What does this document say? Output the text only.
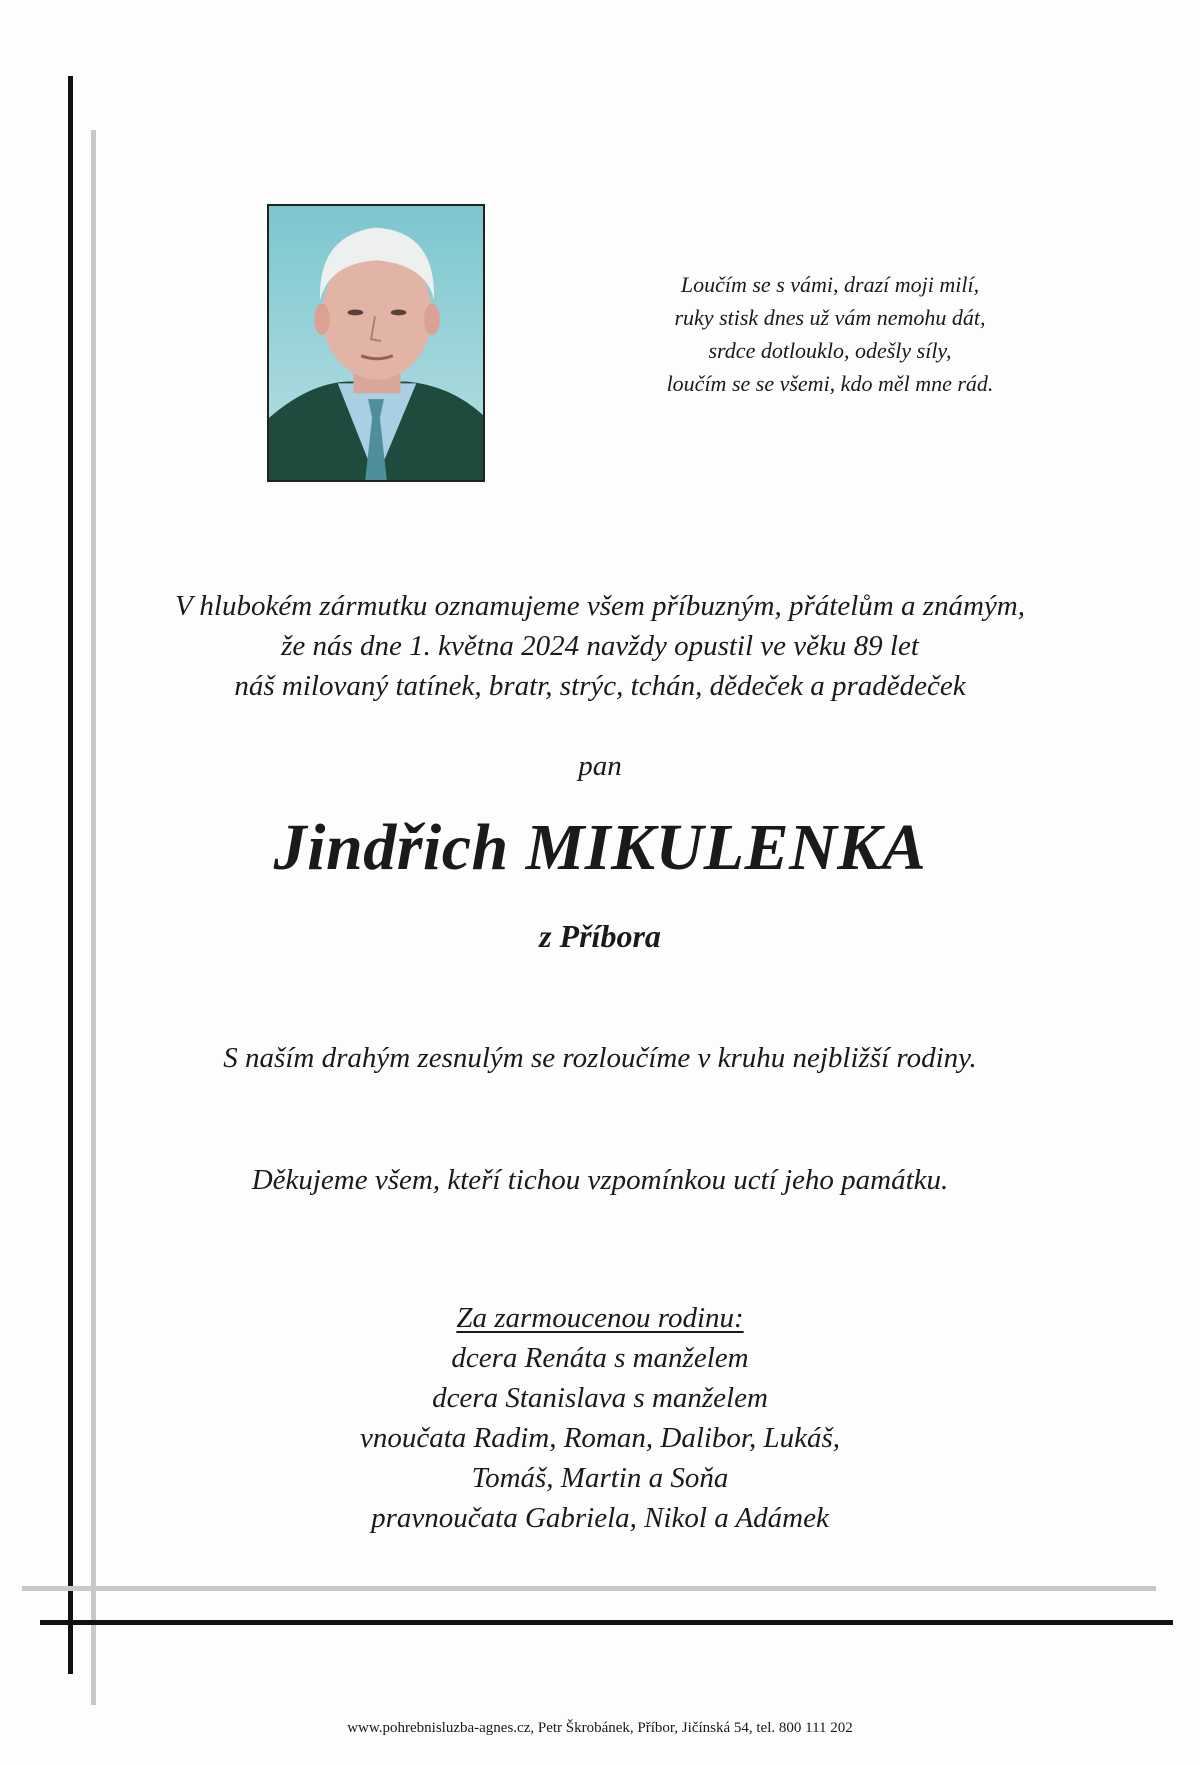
Loučím se s vámi, drazí moji milí,
ruky stisk dnes už vám nemohu dát,
srdce dotlouklo, odešly síly,
loučím se se všemi, kdo měl mne rád.
V hlubokém zármutku oznamujeme všem příbuzným, přátelům a známým,
že nás dne 1. května 2024 navždy opustil ve věku 89 let
náš milovaný tatínek, bratr, strýc, tchán, dědeček a pradědeček
pan
Jindřich MIKULENKA
z Příbora
S naším drahým zesnulým se rozloučíme v kruhu nejbližší rodiny.
Děkujeme všem, kteří tichou vzpomínkou uctí jeho památku.
Za zarmoucenou rodinu:
dcera Renáta s manželem
dcera Stanislava s manželem
vnoučata Radim, Roman, Dalibor, Lukáš,
Tomáš, Martin a Soňa
pravnoučata Gabriela, Nikol a Adámek
www.pohrebnisluzba-agnes.cz, Petr Škrobánek, Příbor, Jičínská 54, tel. 800 111 202
